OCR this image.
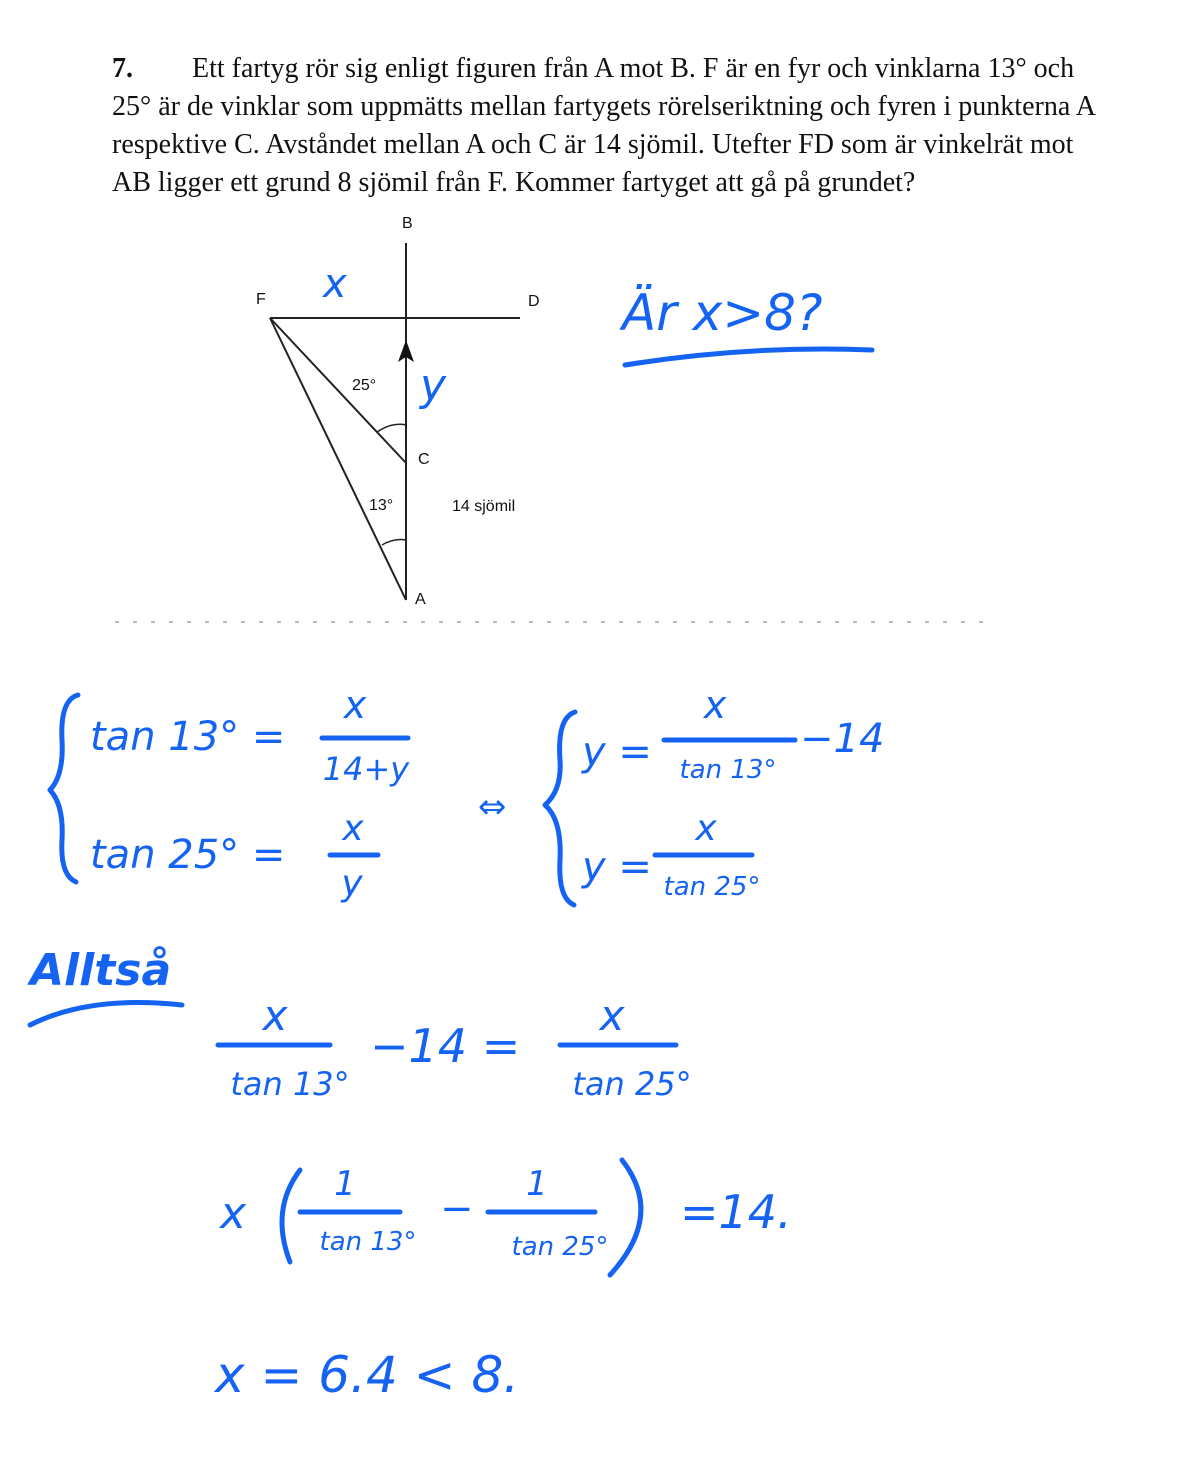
7. Ett fartyg rör sig enligt figuren från A mot B. F är en fyr och vinklarna 13° och

25° är de vinklar som uppmätts mellan fartygets rörelseriktning och fyren i punkterna A

respektive C. Avståndet mellan A och C är 14 sjömil. Utefter FD som är vinkelrät mot

AB ligger ett grund 8 sjömil från F. Kommer fartyget att gå på grundet?

B
F	D
C
A
25°
13°	14 sjömil
x
y
Är x>8?
tan 13° =
x
14+y
tan 25° =
x
y
⇔
y =
x
tan 13°
−14
y =
x
tan 25°
Alltså
x
tan 13°
−14 =
x
tan 25°
x
1
tan 13°
−
1
tan 25°
=14.
x = 6.4 < 8.
